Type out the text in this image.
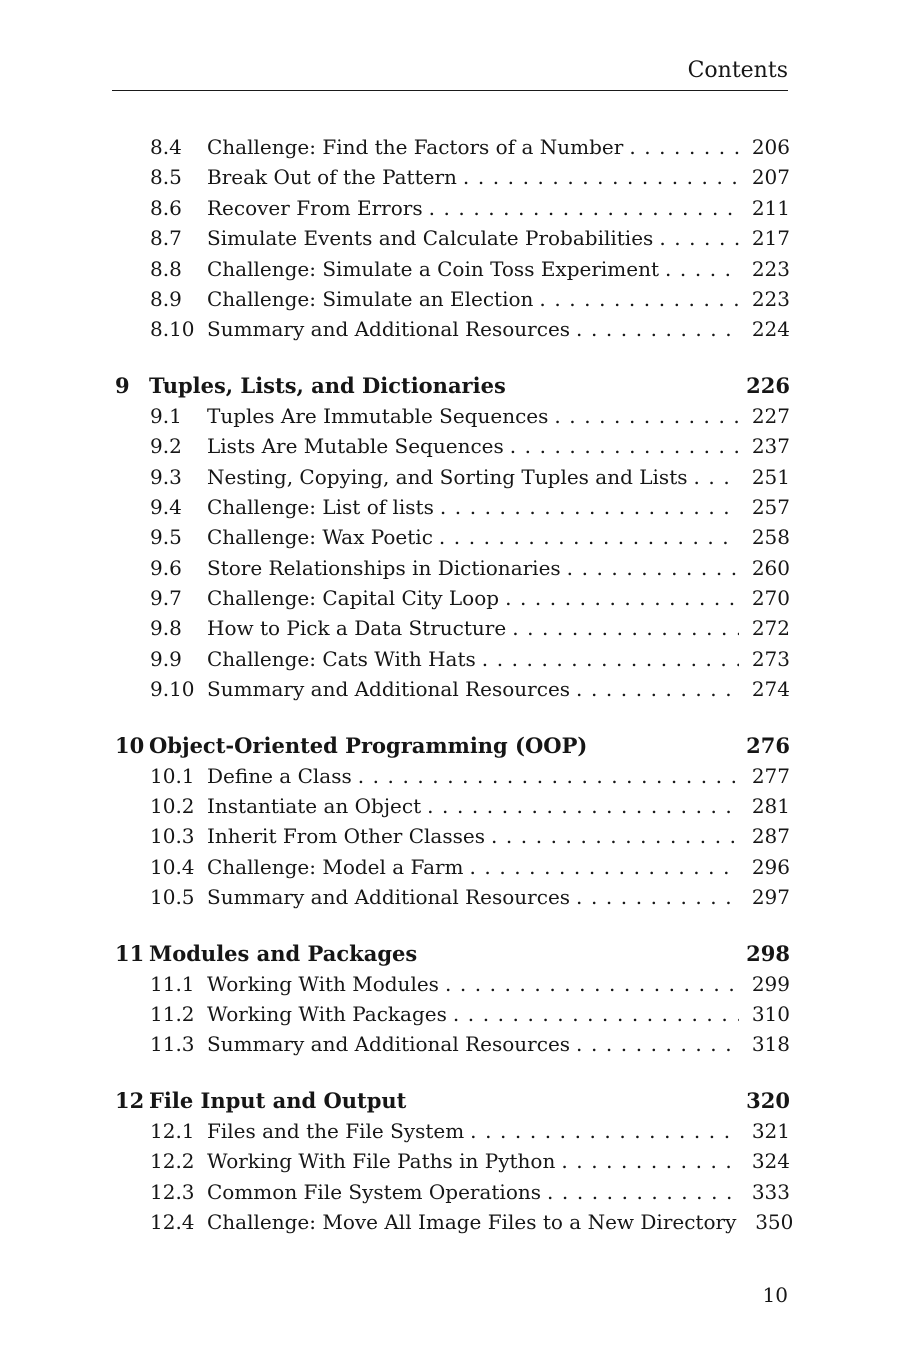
Contents
8.4	Challenge: Find the Factors of a Number . . .	206
8.5	Break Out of the Pattern . . .	207
8.6	Recover From Errors . . .	211
8.7	Simulate Events and Calculate Probabilities . . .	217
8.8	Challenge: Simulate a Coin Toss Experiment . . .	223
8.9	Challenge: Simulate an Election . . .	223
8.10 Summary and Additional Resources . . .	224
9 Tuples, Lists, and Dictionaries	226
9.1	Tuples Are Immutable Sequences . . .	227
9.2	Lists Are Mutable Sequences . . .	237
9.3	Nesting, Copying, and Sorting Tuples and Lists . . .	251
9.4	Challenge: List of lists . . .	257
9.5	Challenge: Wax Poetic . . .	258
9.6	Store Relationships in Dictionaries . . .	260
9.7	Challenge: Capital City Loop . . .	270
9.8	How to Pick a Data Structure . . .	272
9.9	Challenge: Cats With Hats . . .	273
9.10 Summary and Additional Resources . . .	274
10 Object-Oriented Programming (OOP)	276
10.1 Define a Class . . .	277
10.2 Instantiate an Object . . .	281
10.3 Inherit From Other Classes . . .	287
10.4 Challenge: Model a Farm . . .	296
10.5 Summary and Additional Resources . . .	297
11 Modules and Packages	298
11.1 Working With Modules . . .	299
11.2 Working With Packages . . .	310
11.3 Summary and Additional Resources . . .	318
12 File Input and Output	320
12.1 Files and the File System . . .	321
12.2 Working With File Paths in Python . . .	324
12.3 Common File System Operations . . .	333
12.4 Challenge: Move All Image Files to a New Directory 350
10
